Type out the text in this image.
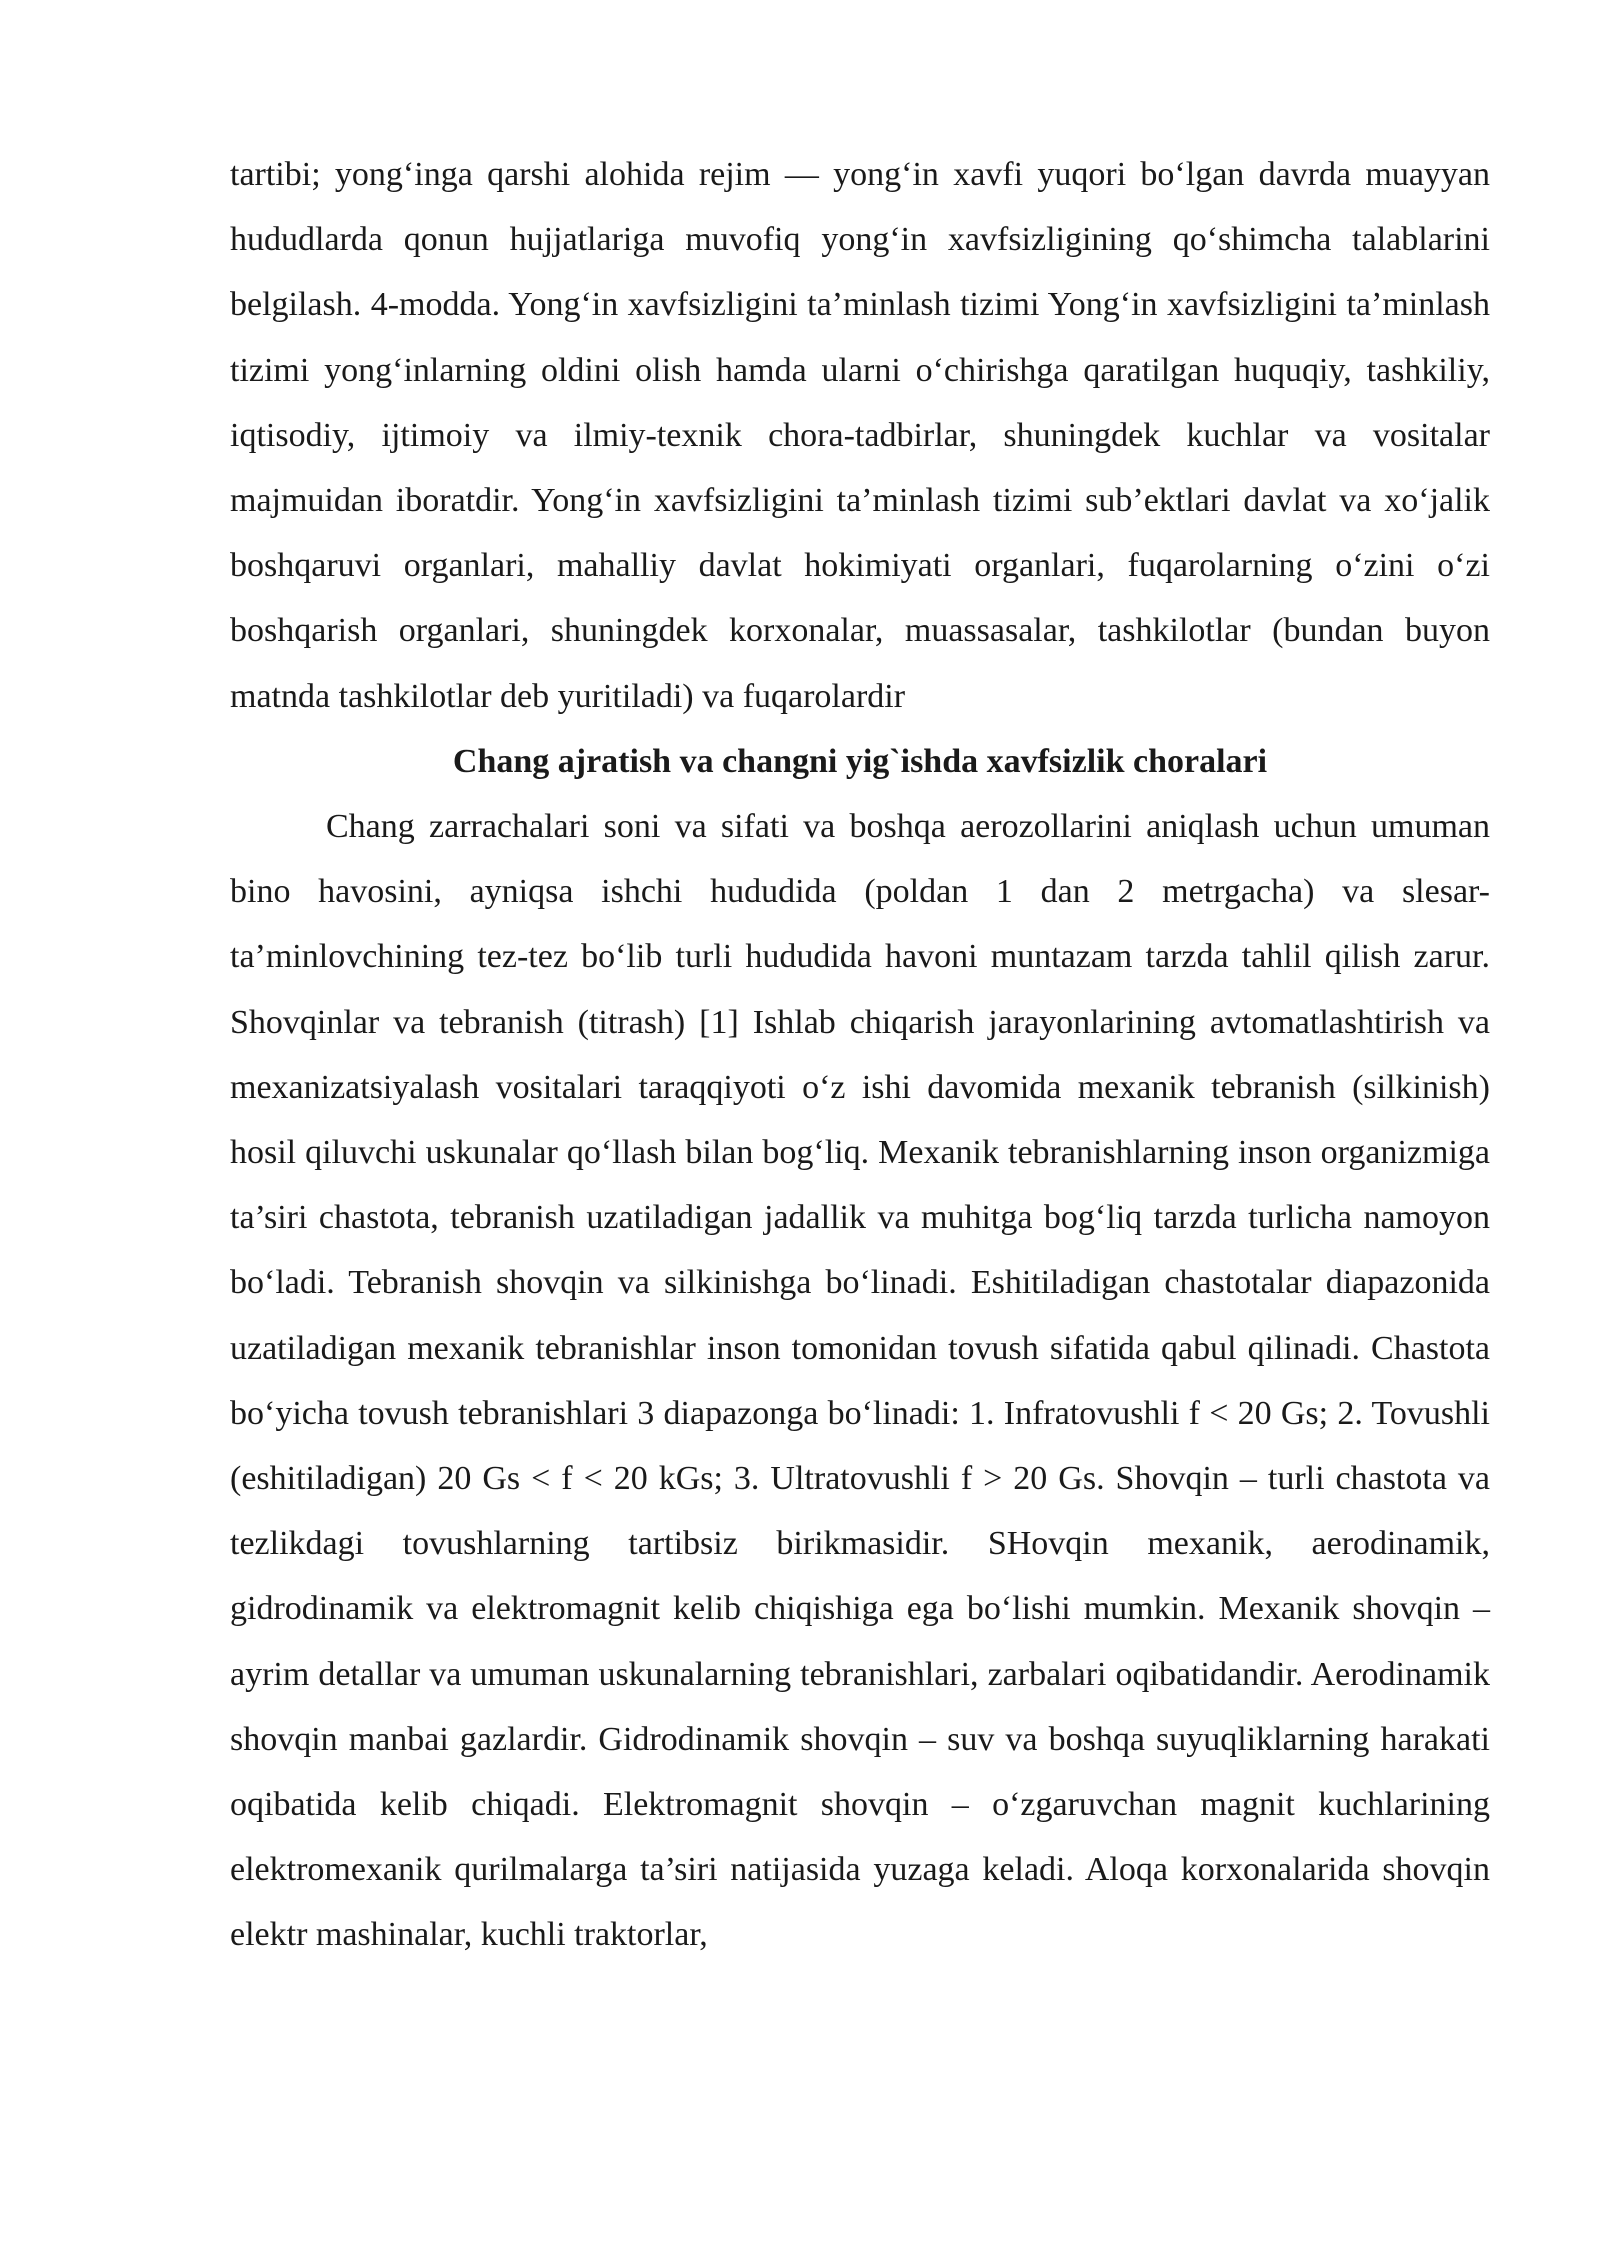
tartibi; yong‘inga qarshi alohida rejim — yong‘in xavfi yuqori bo‘lgan davrda muayyan hududlarda qonun hujjatlariga muvofiq yong‘in xavfsizligining qo‘shimcha talablarini belgilash. 4-modda. Yong‘in xavfsizligini ta’minlash tizimi Yong‘in xavfsizligini ta’minlash tizimi yong‘inlarning oldini olish hamda ularni o‘chirishga qaratilgan huquqiy, tashkiliy, iqtisodiy, ijtimoiy va ilmiy-texnik chora-tadbirlar, shuningdek kuchlar va vositalar majmuidan iboratdir. Yong‘in xavfsizligini ta’minlash tizimi sub’ektlari davlat va xo‘jalik boshqaruvi organlari, mahalliy davlat hokimiyati organlari, fuqarolarning o‘zini o‘zi boshqarish organlari, shuningdek korxonalar, muassasalar, tashkilotlar (bundan buyon matnda tashkilotlar deb yuritiladi) va fuqarolardir

Chang ajratish va changni yig`ishda xavfsizlik choralari

Chang zarrachalari soni va sifati va boshqa aerozollarini aniqlash uchun umuman bino havosini, ayniqsa ishchi hududida (poldan 1 dan 2 metrgacha) va slesar-ta’minlovchining tez-tez bo‘lib turli hududida havoni muntazam tarzda tahlil qilish zarur. Shovqinlar va tebranish (titrash) [1] Ishlab chiqarish jarayonlarining avtomatlashtirish va mexanizatsiyalash vositalari taraqqiyoti o‘z ishi davomida mexanik tebranish (silkinish) hosil qiluvchi uskunalar qo‘llash bilan bog‘liq. Mexanik tebranishlarning inson organizmiga ta’siri chastota, tebranish uzatiladigan jadallik va muhitga bog‘liq tarzda turlicha namoyon bo‘ladi. Tebranish shovqin va silkinishga bo‘linadi. Eshitiladigan chastotalar diapazonida uzatiladigan mexanik tebranishlar inson tomonidan tovush sifatida qabul qilinadi. Chastota bo‘yicha tovush tebranishlari 3 diapazonga bo‘linadi: 1. Infratovushli f < 20 Gs; 2. Tovushli (eshitiladigan) 20 Gs < f < 20 kGs; 3. Ultratovushli f > 20 Gs. Shovqin – turli chastota va tezlikdagi tovushlarning tartibsiz birikmasidir. SHovqin mexanik, aerodinamik, gidrodinamik va elektromagnit kelib chiqishiga ega bo‘lishi mumkin. Mexanik shovqin – ayrim detallar va umuman uskunalarning tebranishlari, zarbalari oqibatidandir. Aerodinamik shovqin manbai gazlardir. Gidrodinamik shovqin – suv va boshqa suyuqliklarning harakati oqibatida kelib chiqadi. Elektromagnit shovqin – o‘zgaruvchan magnit kuchlarining elektromexanik qurilmalarga ta’siri natijasida yuzaga keladi. Aloqa korxonalarida shovqin elektr mashinalar, kuchli traktorlar,
